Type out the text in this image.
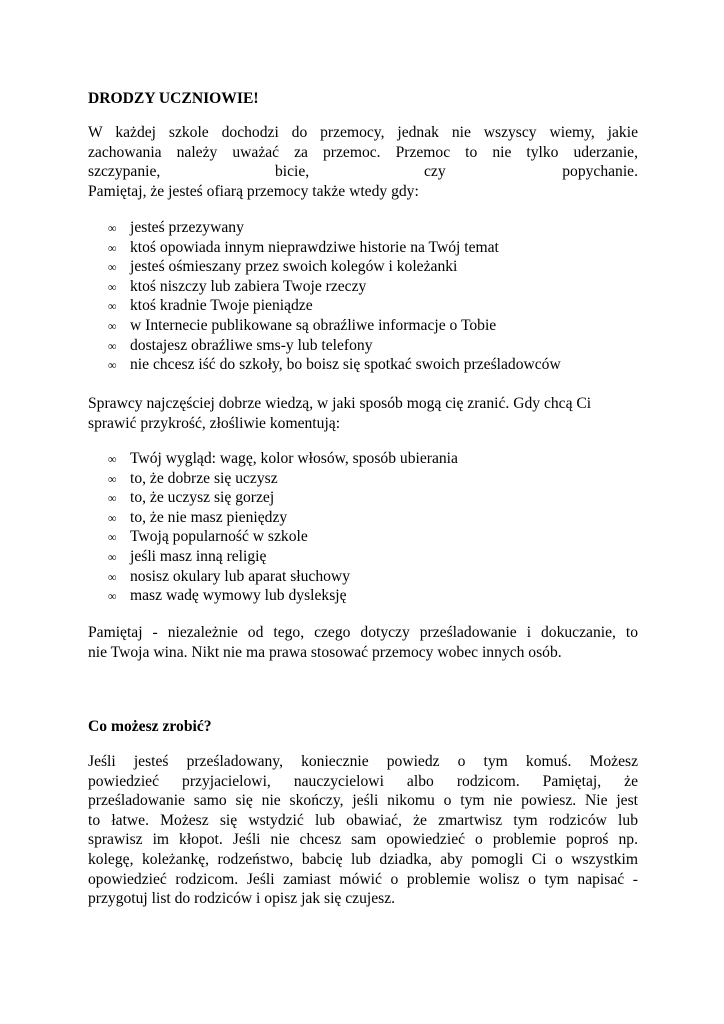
DRODZY UCZNIOWIE!
W każdej szkole dochodzi do przemocy, jednak nie wszyscy wiemy, jakie
zachowania należy uważać za przemoc. Przemoc to nie tylko uderzanie,
szczypanie,	bicie,	czy	popychanie.
Pamiętaj, że jesteś ofiarą przemocy także wtedy gdy:
∞ jesteś przezywany
∞ ktoś opowiada innym nieprawdziwe historie na Twój temat
∞ jesteś ośmieszany przez swoich kolegów i koleżanki
∞ ktoś niszczy lub zabiera Twoje rzeczy
∞ ktoś kradnie Twoje pieniądze
∞ w Internecie publikowane są obraźliwe informacje o Tobie
∞ dostajesz obraźliwe sms-y lub telefony
∞ nie chcesz iść do szkoły, bo boisz się spotkać swoich prześladowców
Sprawcy najczęściej dobrze wiedzą, w jaki sposób mogą cię zranić. Gdy chcą Ci
sprawić przykrość, złośliwie komentują:
∞ Twój wygląd: wagę, kolor włosów, sposób ubierania
∞ to, że dobrze się uczysz
∞ to, że uczysz się gorzej
∞ to, że nie masz pieniędzy
∞ Twoją popularność w szkole
∞ jeśli masz inną religię
∞ nosisz okulary lub aparat słuchowy
∞ masz wadę wymowy lub dysleksję
Pamiętaj - niezależnie od tego, czego dotyczy prześladowanie i dokuczanie, to
nie Twoja wina. Nikt nie ma prawa stosować przemocy wobec innych osób.
Co możesz zrobić?
Jeśli jesteś prześladowany, koniecznie powiedz o tym komuś. Możesz
powiedzieć przyjacielowi, nauczycielowi albo rodzicom. Pamiętaj, że
prześladowanie samo się nie skończy, jeśli nikomu o tym nie powiesz. Nie jest
to łatwe. Możesz się wstydzić lub obawiać, że zmartwisz tym rodziców lub
sprawisz im kłopot. Jeśli nie chcesz sam opowiedzieć o problemie poproś np.
kolegę, koleżankę, rodzeństwo, babcię lub dziadka, aby pomogli Ci o wszystkim
opowiedzieć rodzicom. Jeśli zamiast mówić o problemie wolisz o tym napisać -
przygotuj list do rodziców i opisz jak się czujesz.
